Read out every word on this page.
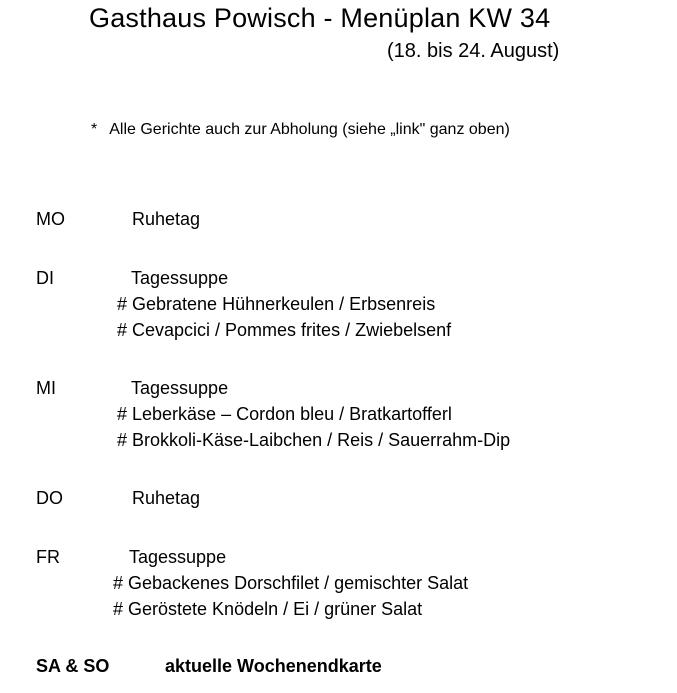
Gasthaus Powisch - Menüplan KW 34
(18. bis 24. August)
* Alle Gerichte auch zur Abholung (siehe „link" ganz oben)
MO	Ruhetag
DI	Tagessuppe
# Gebratene Hühnerkeulen / Erbsenreis
# Cevapcici / Pommes frites / Zwiebelsenf
MI	Tagessuppe
# Leberkäse – Cordon bleu / Bratkartofferl
# Brokkoli-Käse-Laibchen / Reis / Sauerrahm-Dip
DO	Ruhetag
FR	Tagessuppe
# Gebackenes Dorschfilet / gemischter Salat
# Geröstete Knödeln / Ei / grüner Salat
SA & SO	aktuelle Wochenendkarte
